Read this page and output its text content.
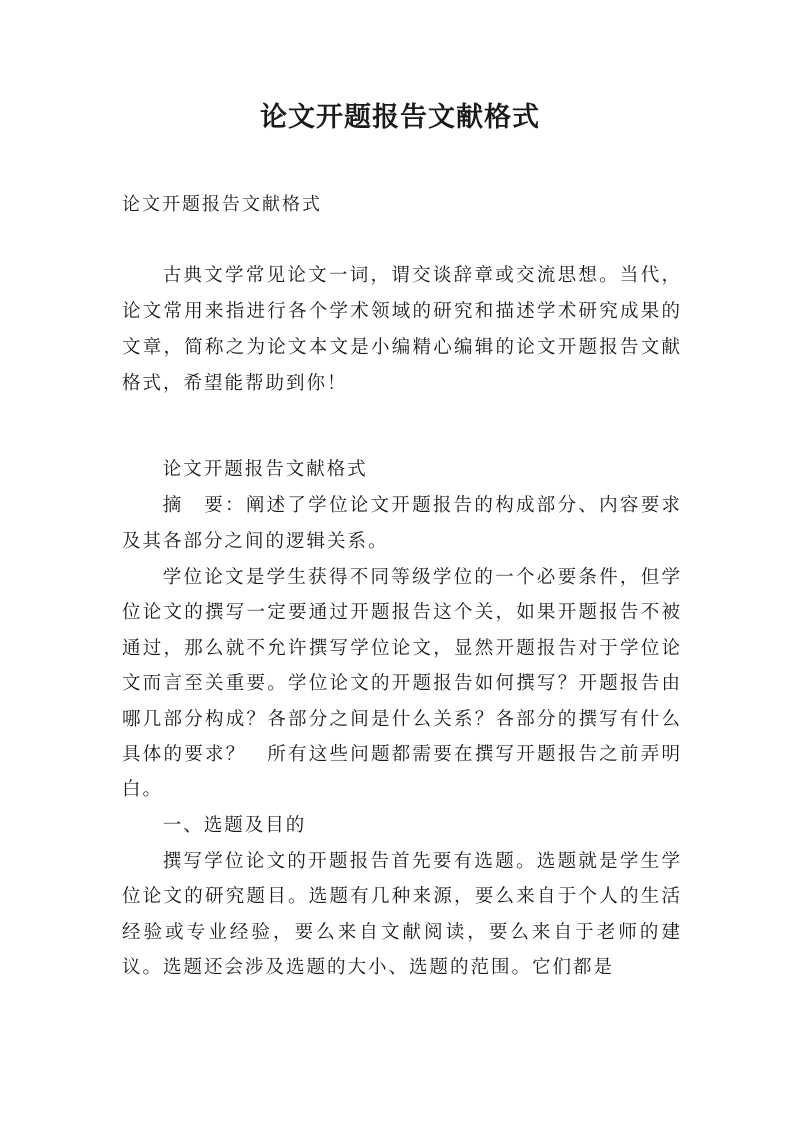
论文开题报告文献格式
论文开题报告文献格式

古典文学常见论文一词，谓交谈辞章或交流思想。当代，论文常用来指进行各个学术领域的研究和描述学术研究成果的文章，简称之为论文本文是小编精心编辑的论文开题报告文献格式，希望能帮助到你！

论文开题报告文献格式

摘　要：阐述了学位论文开题报告的构成部分、内容要求及其各部分之间的逻辑关系。

学位论文是学生获得不同等级学位的一个必要条件，但学位论文的撰写一定要通过开题报告这个关，如果开题报告不被通过，那么就不允许撰写学位论文，显然开题报告对于学位论文而言至关重要。学位论文的开题报告如何撰写？开题报告由哪几部分构成？各部分之间是什么关系？各部分的撰写有什么具体的要求？　所有这些问题都需要在撰写开题报告之前弄明白。

一、选题及目的

撰写学位论文的开题报告首先要有选题。选题就是学生学位论文的研究题目。选题有几种来源，要么来自于个人的生活经验或专业经验，要么来自文献阅读，要么来自于老师的建议。选题还会涉及选题的大小、选题的范围。它们都是
